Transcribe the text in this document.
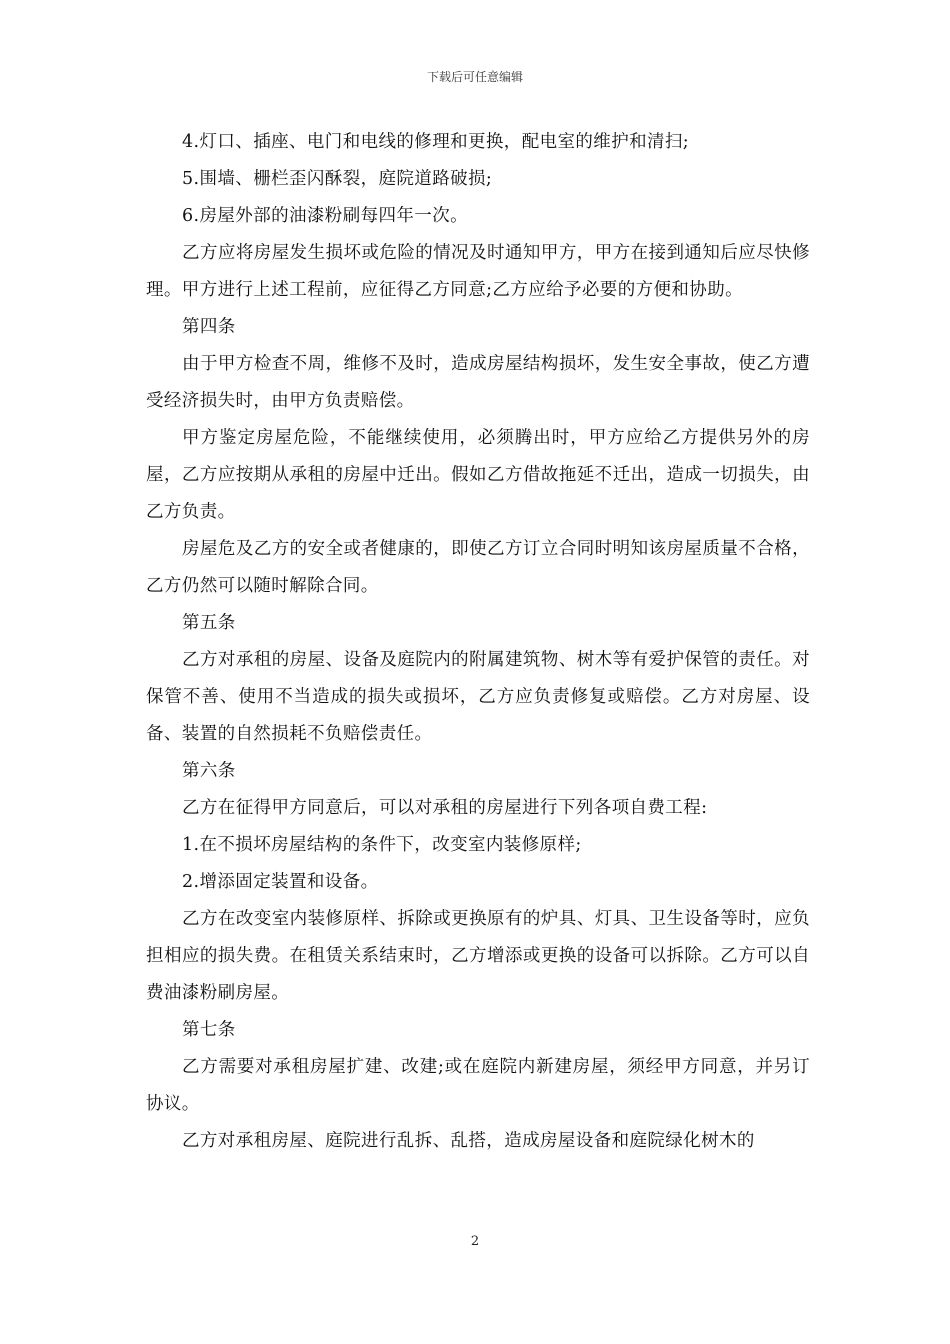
下载后可任意编辑

4.灯口、插座、电门和电线的修理和更换，配电室的维护和清扫;

5.围墙、栅栏歪闪酥裂，庭院道路破损;

6.房屋外部的油漆粉刷每四年一次。

乙方应将房屋发生损坏或危险的情况及时通知甲方，甲方在接到通知后应尽快修理。甲方进行上述工程前，应征得乙方同意;乙方应给予必要的方便和协助。

第四条

由于甲方检查不周，维修不及时，造成房屋结构损坏，发生安全事故，使乙方遭受经济损失时，由甲方负责赔偿。

甲方鉴定房屋危险，不能继续使用，必须腾出时，甲方应给乙方提供另外的房屋，乙方应按期从承租的房屋中迁出。假如乙方借故拖延不迁出，造成一切损失，由乙方负责。

房屋危及乙方的安全或者健康的，即使乙方订立合同时明知该房屋质量不合格，乙方仍然可以随时解除合同。

第五条

乙方对承租的房屋、设备及庭院内的附属建筑物、树木等有爱护保管的责任。对保管不善、使用不当造成的损失或损坏，乙方应负责修复或赔偿。乙方对房屋、设备、装置的自然损耗不负赔偿责任。

第六条

乙方在征得甲方同意后，可以对承租的房屋进行下列各项自费工程:

1.在不损坏房屋结构的条件下，改变室内装修原样;

2.增添固定装置和设备。

乙方在改变室内装修原样、拆除或更换原有的炉具、灯具、卫生设备等时，应负担相应的损失费。在租赁关系结束时，乙方增添或更换的设备可以拆除。乙方可以自费油漆粉刷房屋。

第七条

乙方需要对承租房屋扩建、改建;或在庭院内新建房屋，须经甲方同意，并另订协议。

乙方对承租房屋、庭院进行乱拆、乱搭，造成房屋设备和庭院绿化树木的

2
